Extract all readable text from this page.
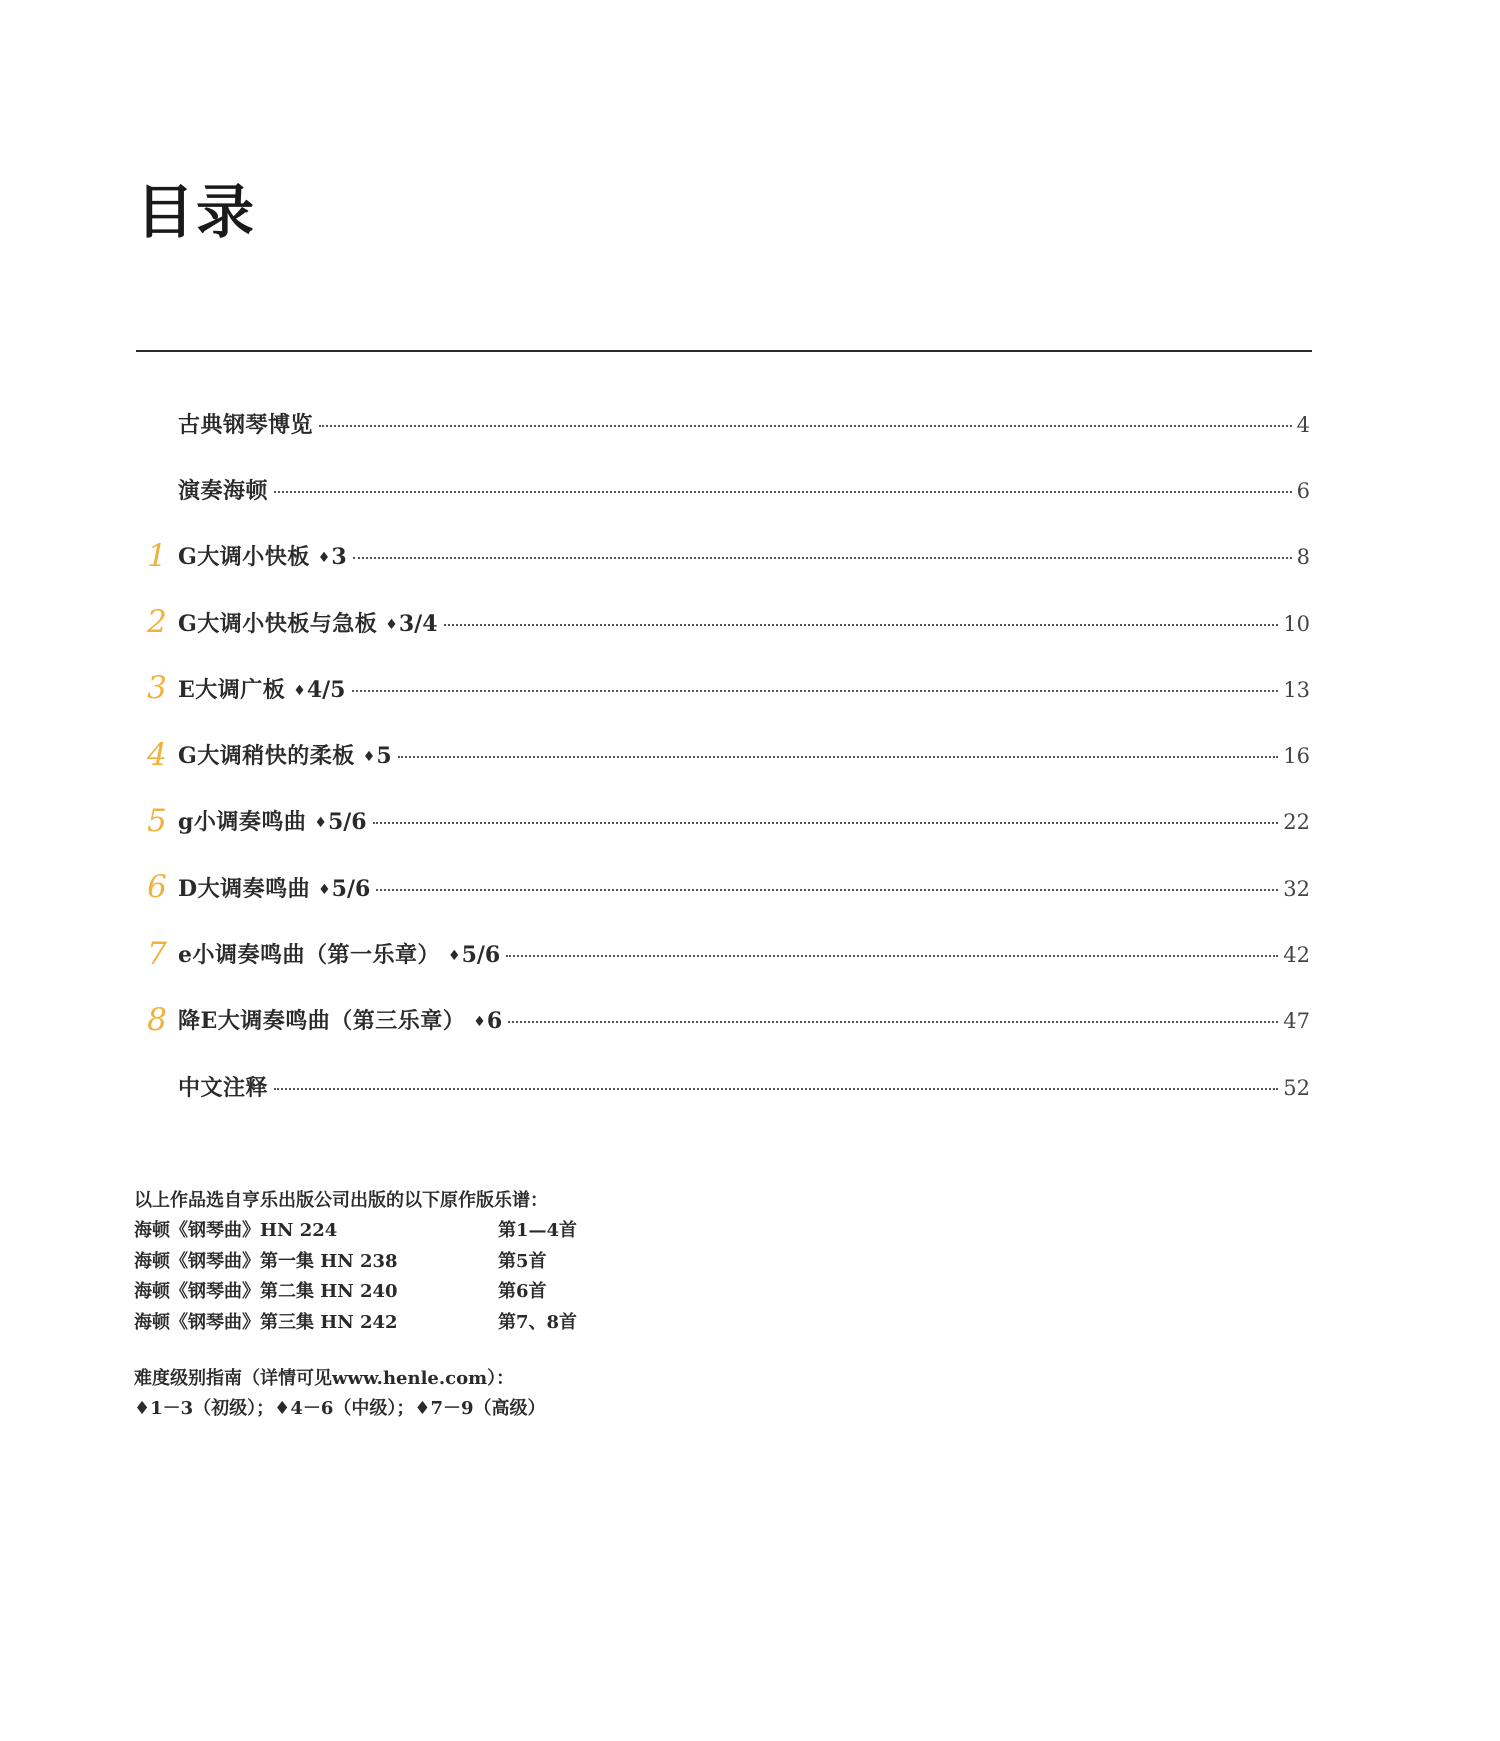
目录
古典钢琴博览	4
演奏海顿	6
1 G大调小快板 ♦3	8
2 G大调小快板与急板 ♦3/4	10
3 E大调广板 ♦4/5	13
4 G大调稍快的柔板 ♦5	16
5 g小调奏鸣曲 ♦5/6	22
6 D大调奏鸣曲 ♦5/6	32
7 e小调奏鸣曲（第一乐章） ♦5/6	42
8 降E大调奏鸣曲（第三乐章） ♦6	47
中文注释	52
以上作品选自亨乐出版公司出版的以下原作版乐谱：
海顿《钢琴曲》HN 224	第1—4首
海顿《钢琴曲》第一集 HN 238	第5首
海顿《钢琴曲》第二集 HN 240	第6首
海顿《钢琴曲》第三集 HN 242	第7、8首
难度级别指南（详情可见www.henle.com）：
♦1－3（初级）；♦4－6（中级）；♦7－9（高级）
